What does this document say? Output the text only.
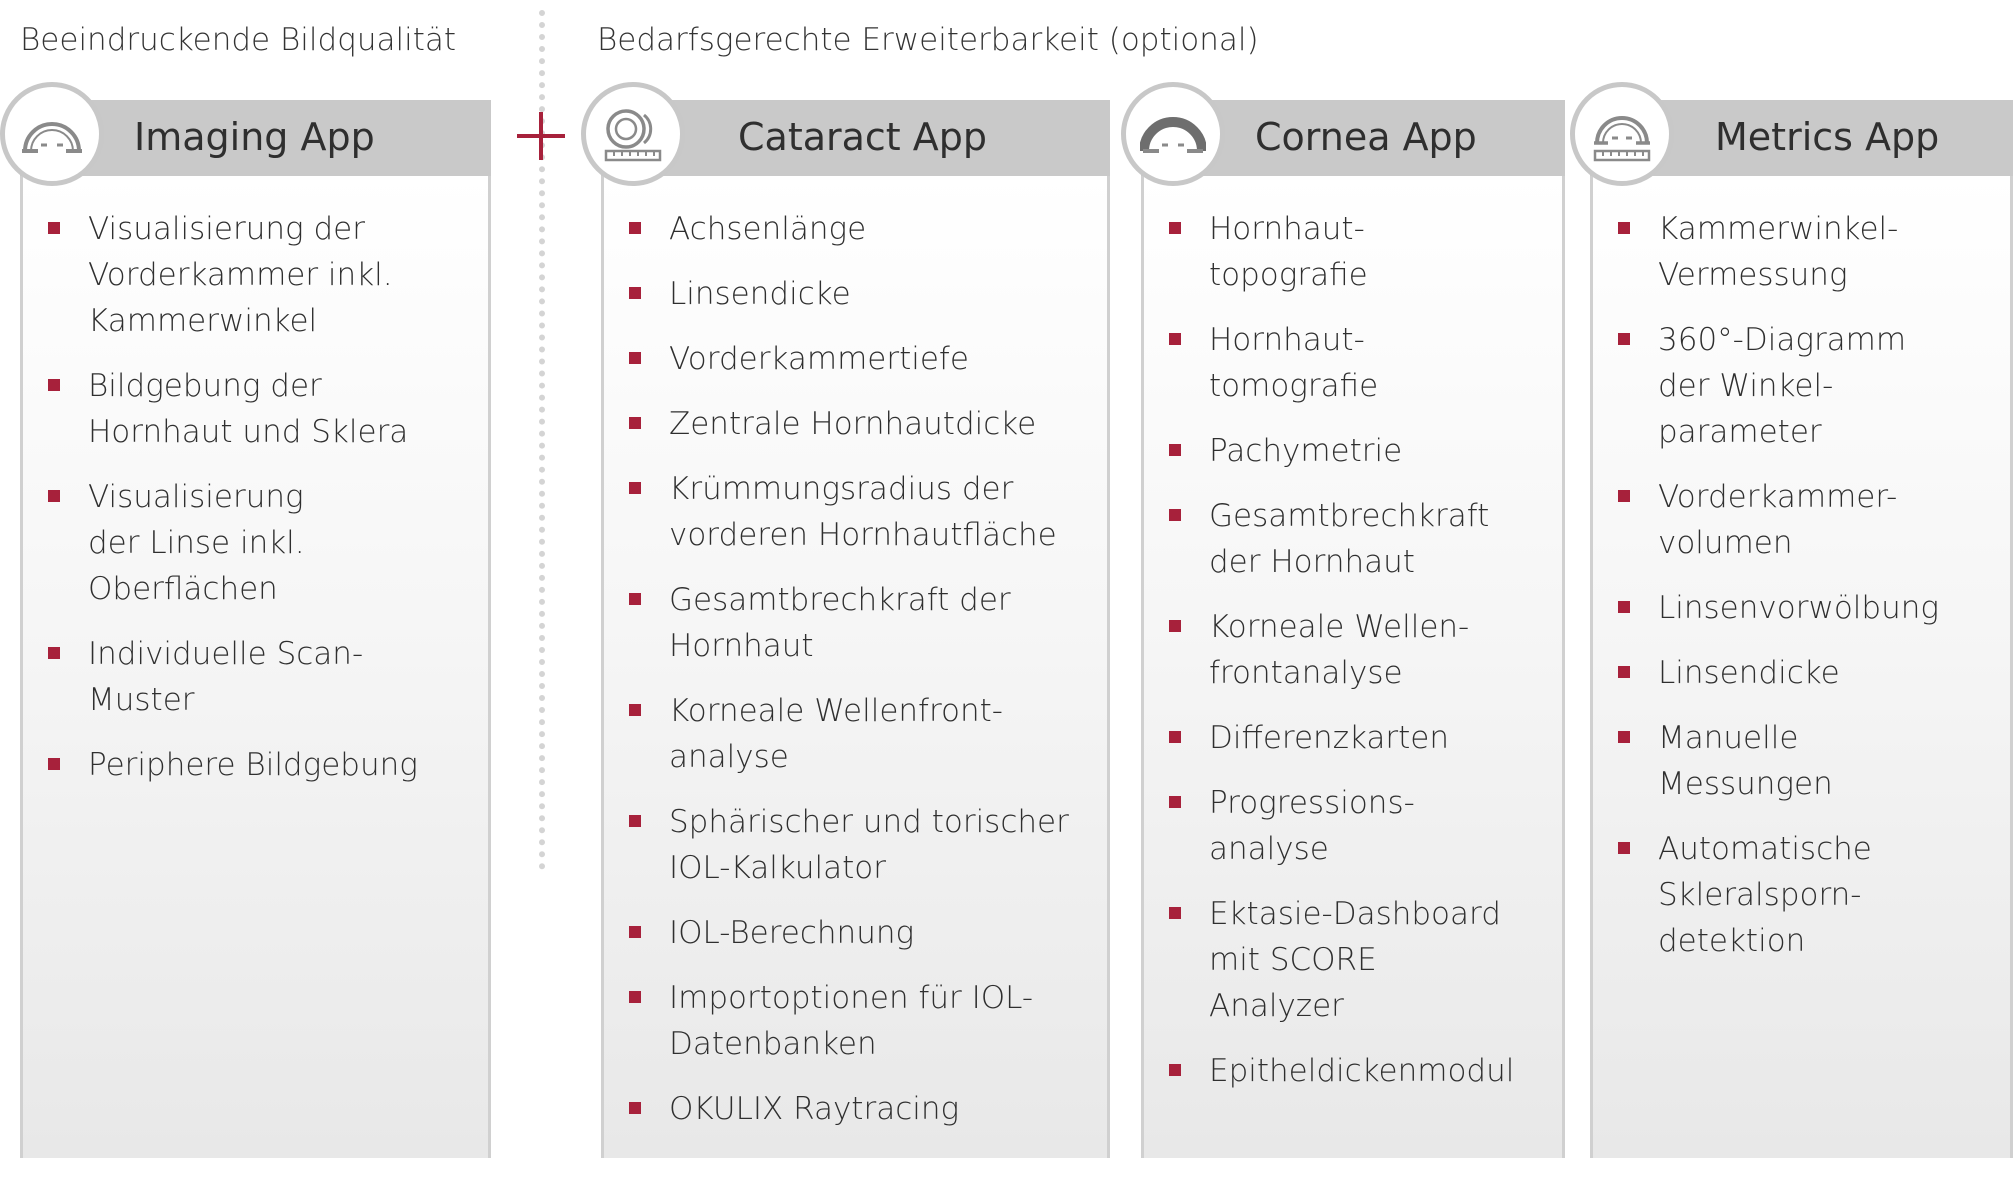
Beeindruckende Bildqualität	Bedarfsgerechte Erweiterbarkeit (optional)
Imaging App
Visualisierung der
Vorderkammer inkl.
Kammerwinkel
Bildgebung der
Hornhaut und Sklera
Visualisierung
der Linse inkl.
Oberflächen
Individuelle Scan-
Muster
Periphere Bildgebung
Cataract App
Achsenlänge
Linsendicke
Vorderkammertiefe
Zentrale Hornhautdicke
Krümmungsradius der
vorderen Hornhautfläche
Gesamtbrechkraft der
Hornhaut
Korneale Wellenfront-
analyse
Sphärischer und torischer
IOL-Kalkulator
IOL-Berechnung
Importoptionen für IOL-
Datenbanken
OKULIX Raytracing
Cornea App
Hornhaut-
topografie
Hornhaut-
tomografie
Pachymetrie
Gesamtbrechkraft
der Hornhaut
Korneale Wellen-
frontanalyse
Differenzkarten
Progressions-
analyse
Ektasie-Dashboard
mit SCORE
Analyzer
Epitheldickenmodul
Metrics App
Kammerwinkel-
Vermessung
360°-Diagramm
der Winkel-
parameter
Vorderkammer-
volumen
Linsenvorwölbung
Linsendicke
Manuelle
Messungen
Automatische
Skleralsporn-
detektion
